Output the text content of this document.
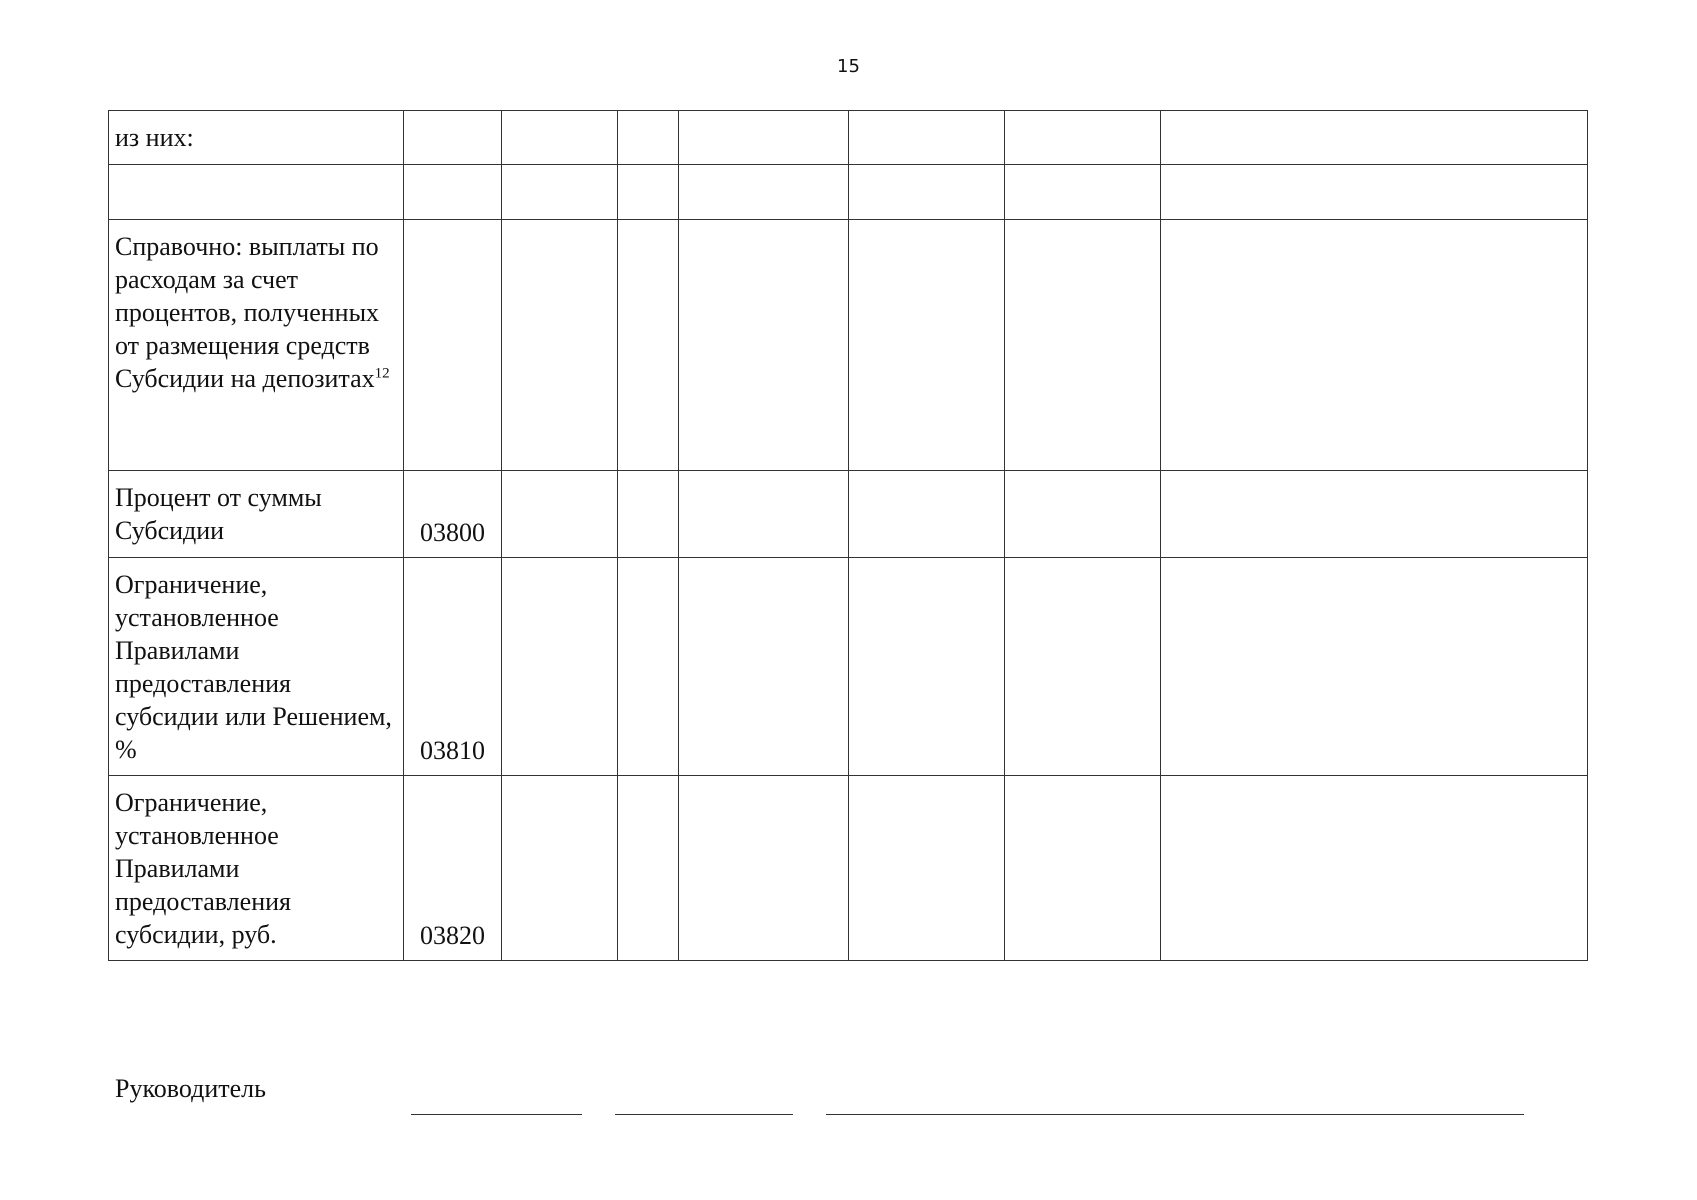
15
из них:							

Справочно: выплаты по расходам за счет процентов, полученных от размещения средств Субсидии на депозитах$^{12}$							
Процент от суммы Субсидии	03800						
Ограничение, установленное Правилами предоставления субсидии или Решением, %	03810						
Ограничение, установленное Правилами предоставления субсидии, руб.	03820						
Руководитель
